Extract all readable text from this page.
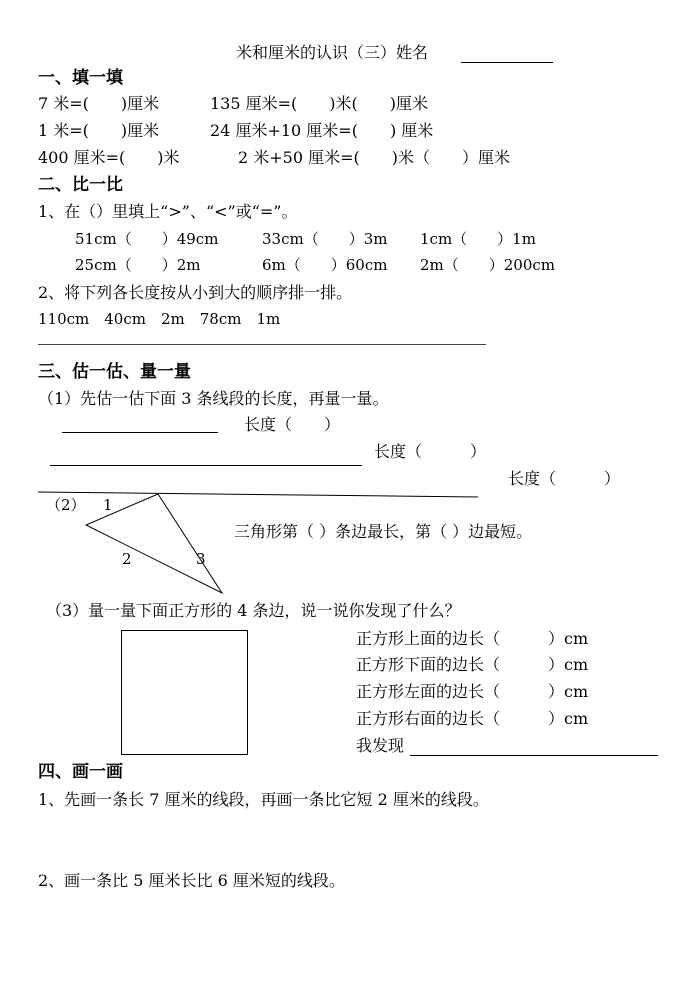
米和厘米的认识（三）姓名
一、填一填
7 米=(　　)厘米	135 厘米=(　　)米(　　)厘米
1 米=(　　)厘米	24 厘米+10 厘米=(　　) 厘米
400 厘米=(　　)米	2 米+50 厘米=(　　)米（　　）厘米
二、比一比
1、在（）里填上“>”、“<”或“=”。
51cm（　　）49cm	33cm（　　）3m 1cm（　　）1m
25cm（　　）2m	6m（　　）60cm 2m（　　）200cm
2、将下列各长度按从小到大的顺序排一排。
110cm　40cm　2m　78cm　1m
三、估一估、量一量
（1）先估一估下面 3 条线段的长度，再量一量。
长度（　　）
长度（　　　）
长度（　　　）
（2） 1
2	3
三角形第（ ）条边最长，第（ ）边最短。
（3）量一量下面正方形的 4 条边，说一说你发现了什么？
正方形上面的边长（　　　）cm
正方形下面的边长（　　　）cm
正方形左面的边长（　　　）cm
正方形右面的边长（　　　）cm
我发现
四、画一画
1、先画一条长 7 厘米的线段，再画一条比它短 2 厘米的线段。
2、画一条比 5 厘米长比 6 厘米短的线段。
